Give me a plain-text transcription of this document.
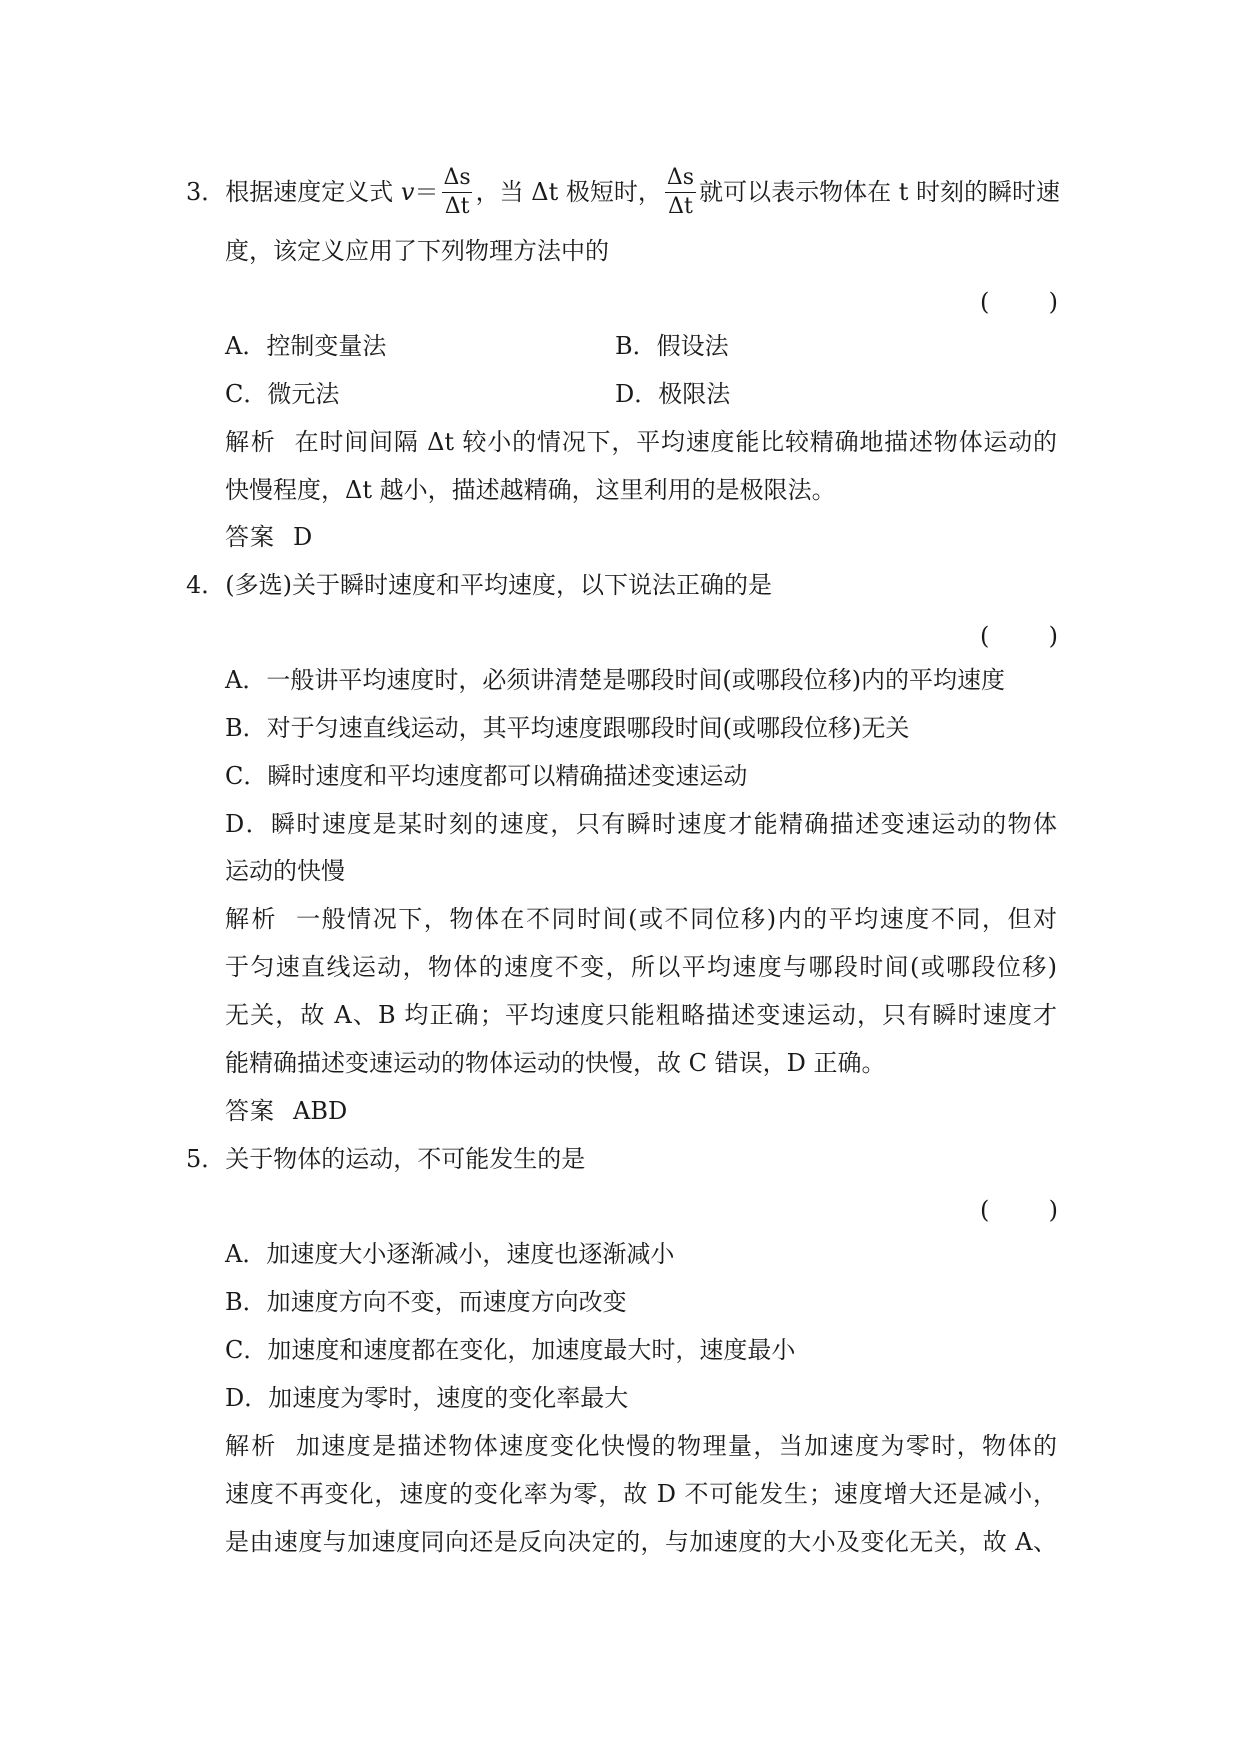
3．根据速度定义式 $v= \frac{\Delta s}{\Delta t}$ ，当 Δt 极短时， $\frac{\Delta s}{\Delta t}$ 就可以表示物体在 t 时刻的瞬时速
度，该定义应用了下列物理方法中的
( )
A．控制变量法	B．假设法
C．微元法	D．极限法
解析 在时间间隔 Δt 较小的情况下，平均速度能比较精确地描述物体运动的
快慢程度，Δt 越小，描述越精确，这里利用的是极限法。
答案 D
4．(多选)关于瞬时速度和平均速度，以下说法正确的是
( )
A．一般讲平均速度时，必须讲清楚是哪段时间(或哪段位移)内的平均速度
B．对于匀速直线运动，其平均速度跟哪段时间(或哪段位移)无关
C．瞬时速度和平均速度都可以精确描述变速运动
D．瞬时速度是某时刻的速度，只有瞬时速度才能精确描述变速运动的物体
运动的快慢
解析 一般情况下，物体在不同时间(或不同位移)内的平均速度不同，但对
于匀速直线运动，物体的速度不变，所以平均速度与哪段时间(或哪段位移)
无关，故 A、B 均正确；平均速度只能粗略描述变速运动，只有瞬时速度才
能精确描述变速运动的物体运动的快慢，故 C 错误，D 正确。
答案 ABD
5．关于物体的运动，不可能发生的是
( )
A．加速度大小逐渐减小，速度也逐渐减小
B．加速度方向不变，而速度方向改变
C．加速度和速度都在变化，加速度最大时，速度最小
D．加速度为零时，速度的变化率最大
解析 加速度是描述物体速度变化快慢的物理量，当加速度为零时，物体的
速度不再变化，速度的变化率为零，故 D 不可能发生；速度增大还是减小，
是由速度与加速度同向还是反向决定的，与加速度的大小及变化无关，故 A、
